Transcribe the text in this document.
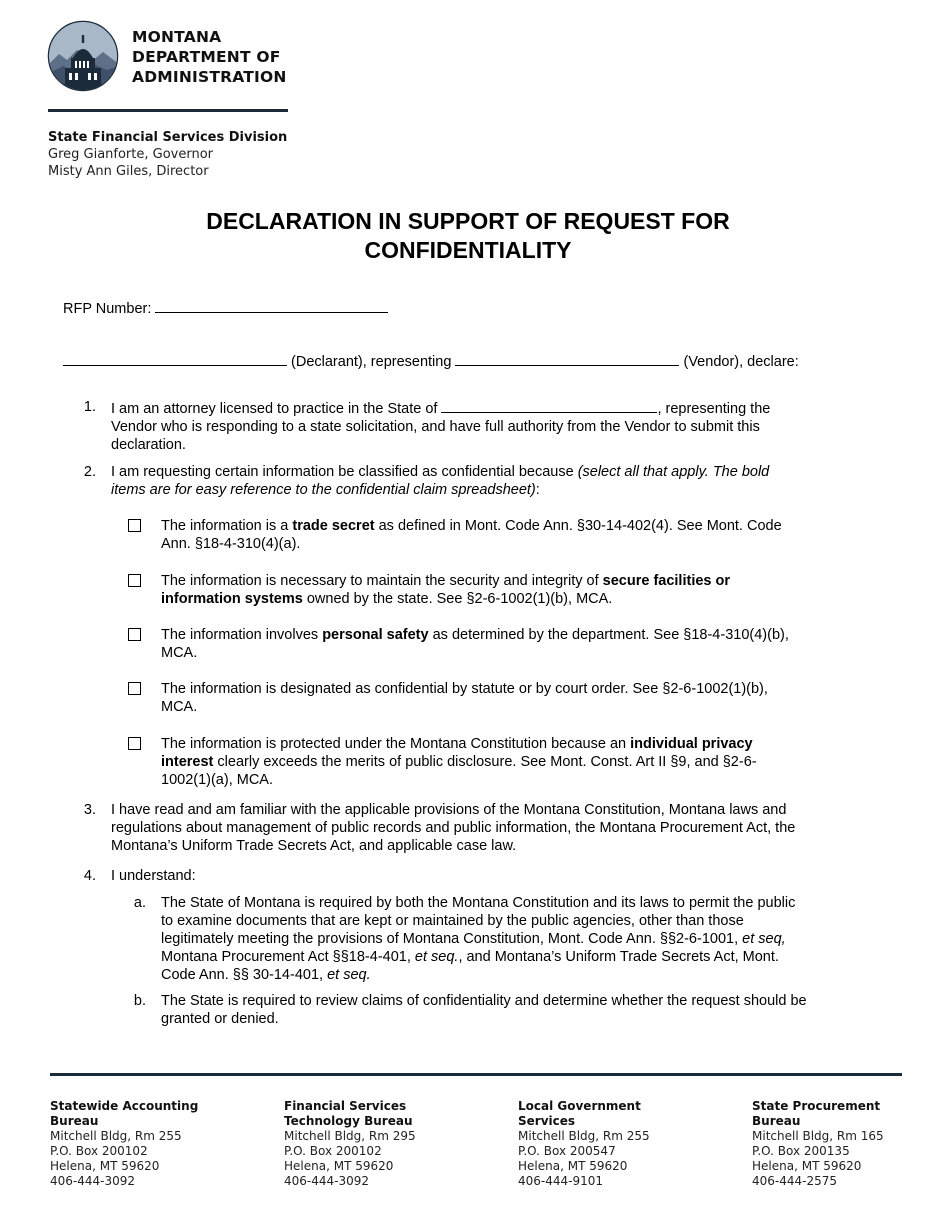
MONTANA
DEPARTMENT OF
ADMINISTRATION
State Financial Services Division
Greg Gianforte, Governor
Misty Ann Giles, Director
DECLARATION IN SUPPORT OF REQUEST FOR
CONFIDENTIALITY
RFP Number:
(Declarant), representing	(Vendor), declare:
1. I am an attorney licensed to practice in the State of	, representing the
Vendor who is responding to a state solicitation, and have full authority from the Vendor to submit this
declaration.
2. I am requesting certain information be classified as confidential because (select all that apply. The bold
items are for easy reference to the confidential claim spreadsheet):
The information is a trade secret as defined in Mont. Code Ann. §30-14-402(4). See Mont. Code
Ann. §18-4-310(4)(a).
The information is necessary to maintain the security and integrity of secure facilities or
information systems owned by the state. See §2-6-1002(1)(b), MCA.
The information involves personal safety as determined by the department. See §18-4-310(4)(b),
MCA.
The information is designated as confidential by statute or by court order. See §2-6-1002(1)(b),
MCA.
The information is protected under the Montana Constitution because an individual privacy
interest clearly exceeds the merits of public disclosure. See Mont. Const. Art II §9, and §2-6-
1002(1)(a), MCA.
3. I have read and am familiar with the applicable provisions of the Montana Constitution, Montana laws and
regulations about management of public records and public information, the Montana Procurement Act, the
Montana’s Uniform Trade Secrets Act, and applicable case law.
4. I understand:
a. The State of Montana is required by both the Montana Constitution and its laws to permit the public
to examine documents that are kept or maintained by the public agencies, other than those
legitimately meeting the provisions of Montana Constitution, Mont. Code Ann. §§2-6-1001, et seq,
Montana Procurement Act §§18-4-401, et seq., and Montana’s Uniform Trade Secrets Act, Mont.
Code Ann. §§ 30-14-401, et seq.
b. The State is required to review claims of confidentiality and determine whether the request should be
granted or denied.
Statewide Accounting
Bureau
Mitchell Bldg, Rm 255
P.O. Box 200102
Helena, MT 59620
406-444-3092
Financial Services
Technology Bureau
Mitchell Bldg, Rm 295
P.O. Box 200102
Helena, MT 59620
406-444-3092
Local Government
Services
Mitchell Bldg, Rm 255
P.O. Box 200547
Helena, MT 59620
406-444-9101
State Procurement
Bureau
Mitchell Bldg, Rm 165
P.O. Box 200135
Helena, MT 59620
406-444-2575
